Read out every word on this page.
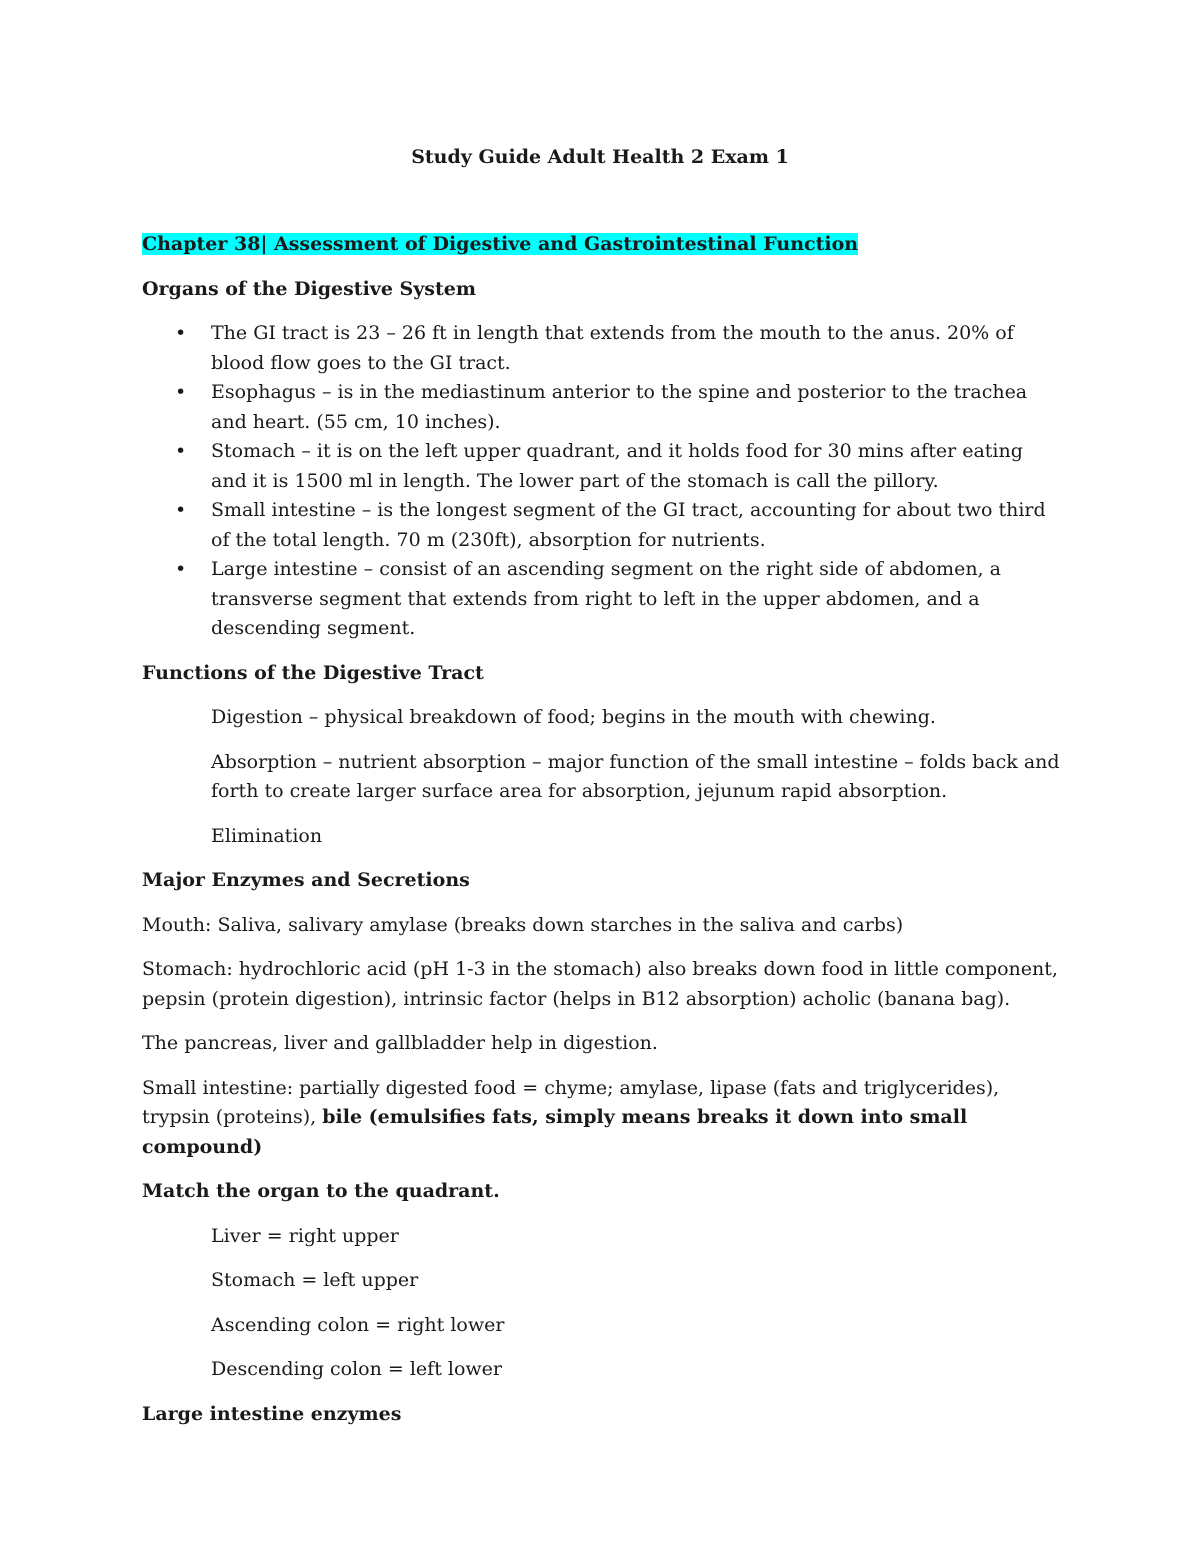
Study Guide Adult Health 2 Exam 1
Chapter 38| Assessment of Digestive and Gastrointestinal Function
Organs of the Digestive System
• The GI tract is 23 – 26 ft in length that extends from the mouth to the anus. 20% of blood flow goes to the GI tract.
• Esophagus – is in the mediastinum anterior to the spine and posterior to the trachea and heart. (55 cm, 10 inches).
• Stomach – it is on the left upper quadrant, and it holds food for 30 mins after eating and it is 1500 ml in length. The lower part of the stomach is call the pillory.
• Small intestine – is the longest segment of the GI tract, accounting for about two third of the total length. 70 m (230ft), absorption for nutrients.
• Large intestine – consist of an ascending segment on the right side of abdomen, a transverse segment that extends from right to left in the upper abdomen, and a descending segment.
Functions of the Digestive Tract

Digestion – physical breakdown of food; begins in the mouth with chewing.

Absorption – nutrient absorption – major function of the small intestine – folds back and forth to create larger surface area for absorption, jejunum rapid absorption.

Elimination

Major Enzymes and Secretions

Mouth: Saliva, salivary amylase (breaks down starches in the saliva and carbs)

Stomach: hydrochloric acid (pH 1-3 in the stomach) also breaks down food in little component, pepsin (protein digestion), intrinsic factor (helps in B12 absorption) acholic (banana bag).

The pancreas, liver and gallbladder help in digestion.

Small intestine: partially digested food = chyme; amylase, lipase (fats and triglycerides), trypsin (proteins), bile (emulsifies fats, simply means breaks it down into small compound)

Match the organ to the quadrant.

Liver = right upper

Stomach = left upper

Ascending colon = right lower

Descending colon = left lower

Large intestine enzymes
